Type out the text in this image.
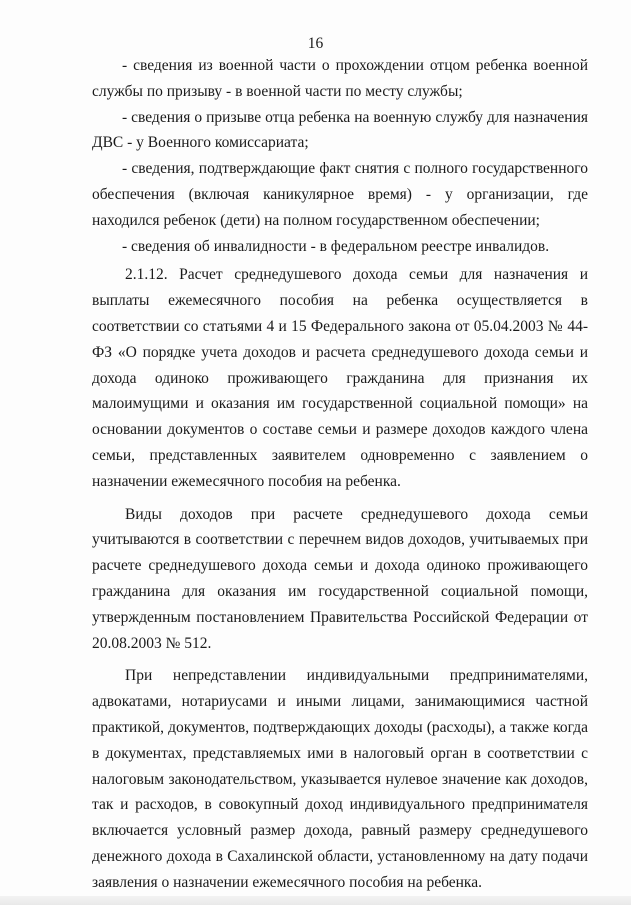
16

- сведения из военной части о прохождении отцом ребенка военной службы по призыву - в военной части по месту службы;

- сведения о призыве отца ребенка на военную службу для назначения ДВС - у Военного комиссариата;

- сведения, подтверждающие факт снятия с полного государственного обеспечения (включая каникулярное время) - у организации, где находился ребенок (дети) на полном государственном обеспечении;

- сведения об инвалидности - в федеральном реестре инвалидов.

2.1.12. Расчет среднедушевого дохода семьи для назначения и выплаты ежемесячного пособия на ребенка осуществляется в соответствии со статьями 4 и 15 Федерального закона от 05.04.2003 № 44-ФЗ «О порядке учета доходов и расчета среднедушевого дохода семьи и дохода одиноко проживающего гражданина для признания их малоимущими и оказания им государственной социальной помощи» на основании документов о составе семьи и размере доходов каждого члена семьи, представленных заявителем одновременно с заявлением о назначении ежемесячного пособия на ребенка.

Виды доходов при расчете среднедушевого дохода семьи учитываются в соответствии с перечнем видов доходов, учитываемых при расчете среднедушевого дохода семьи и дохода одиноко проживающего гражданина для оказания им государственной социальной помощи, утвержденным постановлением Правительства Российской Федерации от 20.08.2003 № 512.

При непредставлении индивидуальными предпринимателями, адвокатами, нотариусами и иными лицами, занимающимися частной практикой, документов, подтверждающих доходы (расходы), а также когда в документах, представляемых ими в налоговый орган в соответствии с налоговым законодательством, указывается нулевое значение как доходов, так и расходов, в совокупный доход индивидуального предпринимателя включается условный размер дохода, равный размеру среднедушевого денежного дохода в Сахалинской области, установленному на дату подачи заявления о назначении ежемесячного пособия на ребенка.
